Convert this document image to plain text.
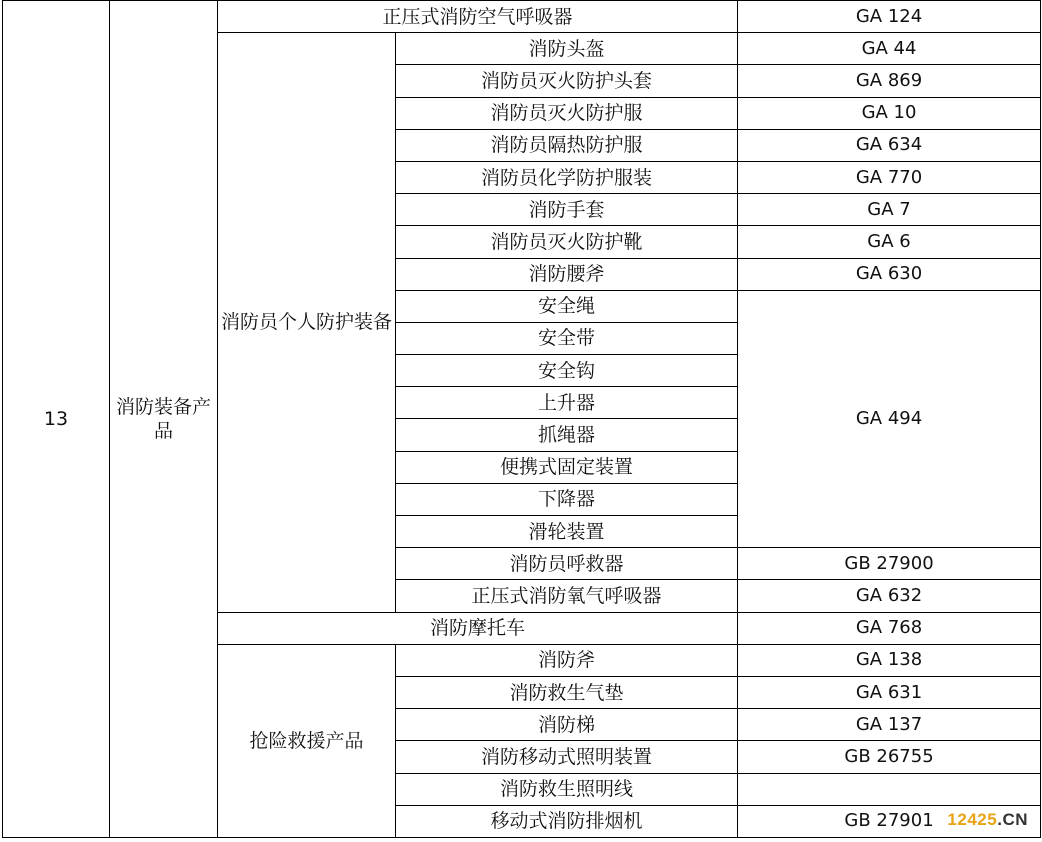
13	消防装备产品	正压式消防空气呼吸器		GA 124
		消防员个人防护装备	消防头盔	GA 44
			消防员灭火防护头套	GA 869
			消防员灭火防护服	GA 10
			消防员隔热防护服	GA 634
			消防员化学防护服装	GA 770
			消防手套	GA 7
			消防员灭火防护靴	GA 6
			消防腰斧	GA 630
			安全绳	GA 494
			安全带	
			安全钩	
			上升器	
			抓绳器	
			便携式固定装置	
			下降器	
			滑轮装置	
			消防员呼救器	GB 27900
			正压式消防氧气呼吸器	GA 632
		消防摩托车		GA 768
		抢险救援产品	消防斧	GA 138
			消防救生气垫	GA 631
			消防梯	GA 137
			消防移动式照明装置	GB 26755
			消防救生照明线	
			移动式消防排烟机	GB 27901 12425.CN
